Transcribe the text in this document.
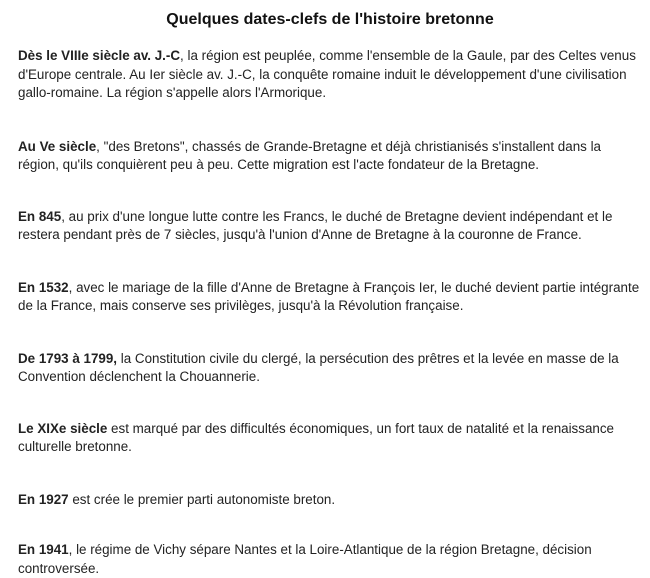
Quelques dates-clefs de l'histoire bretonne

Dès le VIIIe siècle av. J.-C, la région est peuplée, comme l'ensemble de la Gaule, par des Celtes venus d'Europe centrale. Au Ier siècle av. J.-C, la conquête romaine induit le développement d'une civilisation gallo-romaine. La région s'appelle alors l'Armorique.

Au Ve siècle, "des Bretons", chassés de Grande-Bretagne et déjà christianisés s'installent dans la région, qu'ils conquièrent peu à peu. Cette migration est l'acte fondateur de la Bretagne.

En 845, au prix d'une longue lutte contre les Francs, le duché de Bretagne devient indépendant et le restera pendant près de 7 siècles, jusqu'à l'union d'Anne de Bretagne à la couronne de France.

En 1532, avec le mariage de la fille d'Anne de Bretagne à François Ier, le duché devient partie intégrante de la France, mais conserve ses privilèges, jusqu'à la Révolution française.

De 1793 à 1799, la Constitution civile du clergé, la persécution des prêtres et la levée en masse de la Convention déclenchent la Chouannerie.

Le XIXe siècle est marqué par des difficultés économiques, un fort taux de natalité et la renaissance culturelle bretonne.

En 1927 est crée le premier parti autonomiste breton.

En 1941, le régime de Vichy sépare Nantes et la Loire-Atlantique de la région Bretagne, décision controversée.
